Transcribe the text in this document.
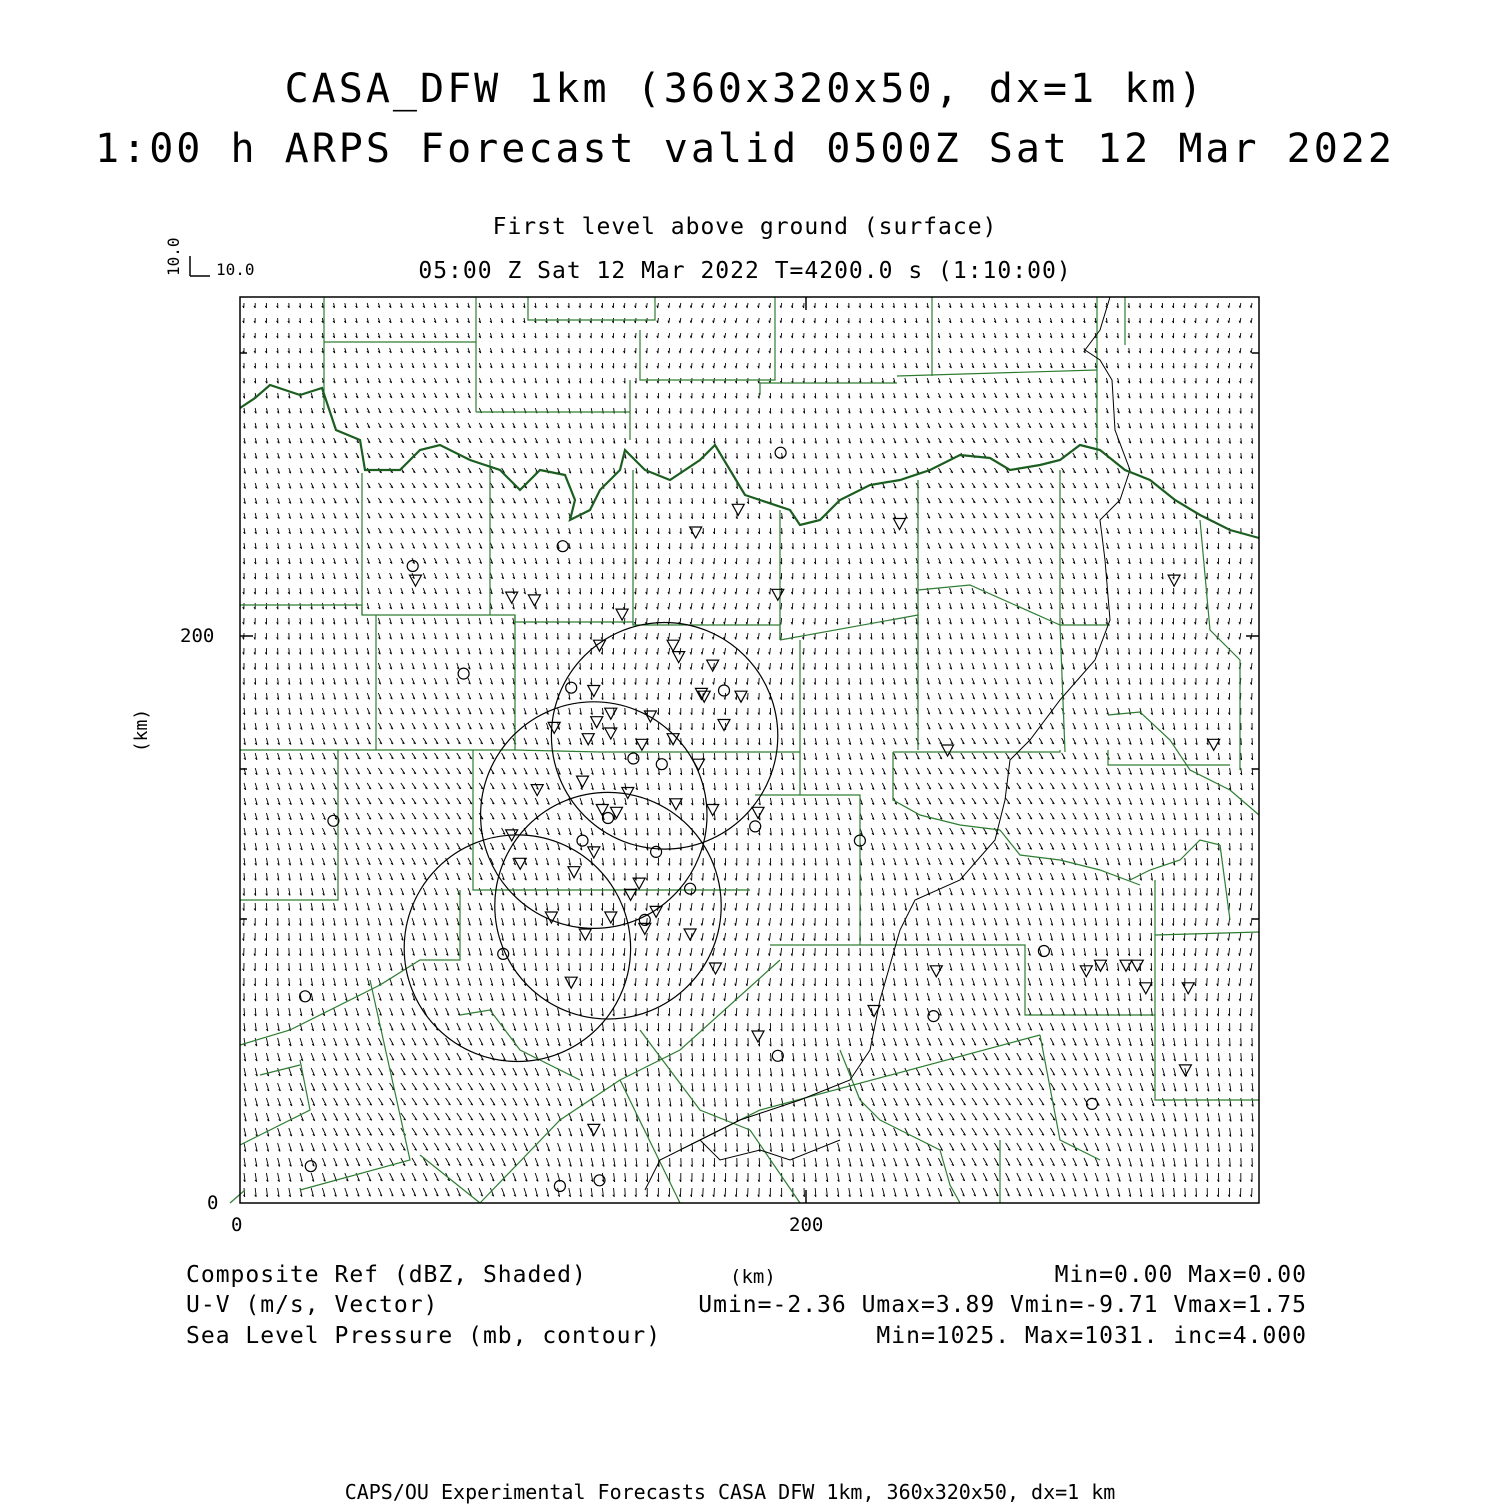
CASA_DFW 1km (360x320x50, dx=1 km)
1:00 h ARPS Forecast valid 0500Z Sat 12 Mar 2022
First level above ground (surface)
05:00 Z Sat 12 Mar 2022 T=4200.0 s (1:10:00)
10.0
10.0
(km)
200
0
0	200
(km)
Composite Ref (dBZ, Shaded)	Min=0.00 Max=0.00
U-V (m/s, Vector)	Umin=-2.36 Umax=3.89 Vmin=-9.71 Vmax=1.75
Sea Level Pressure (mb, contour)	Min=1025. Max=1031. inc=4.000
CAPS/OU Experimental Forecasts CASA DFW 1km, 360x320x50, dx=1 km
